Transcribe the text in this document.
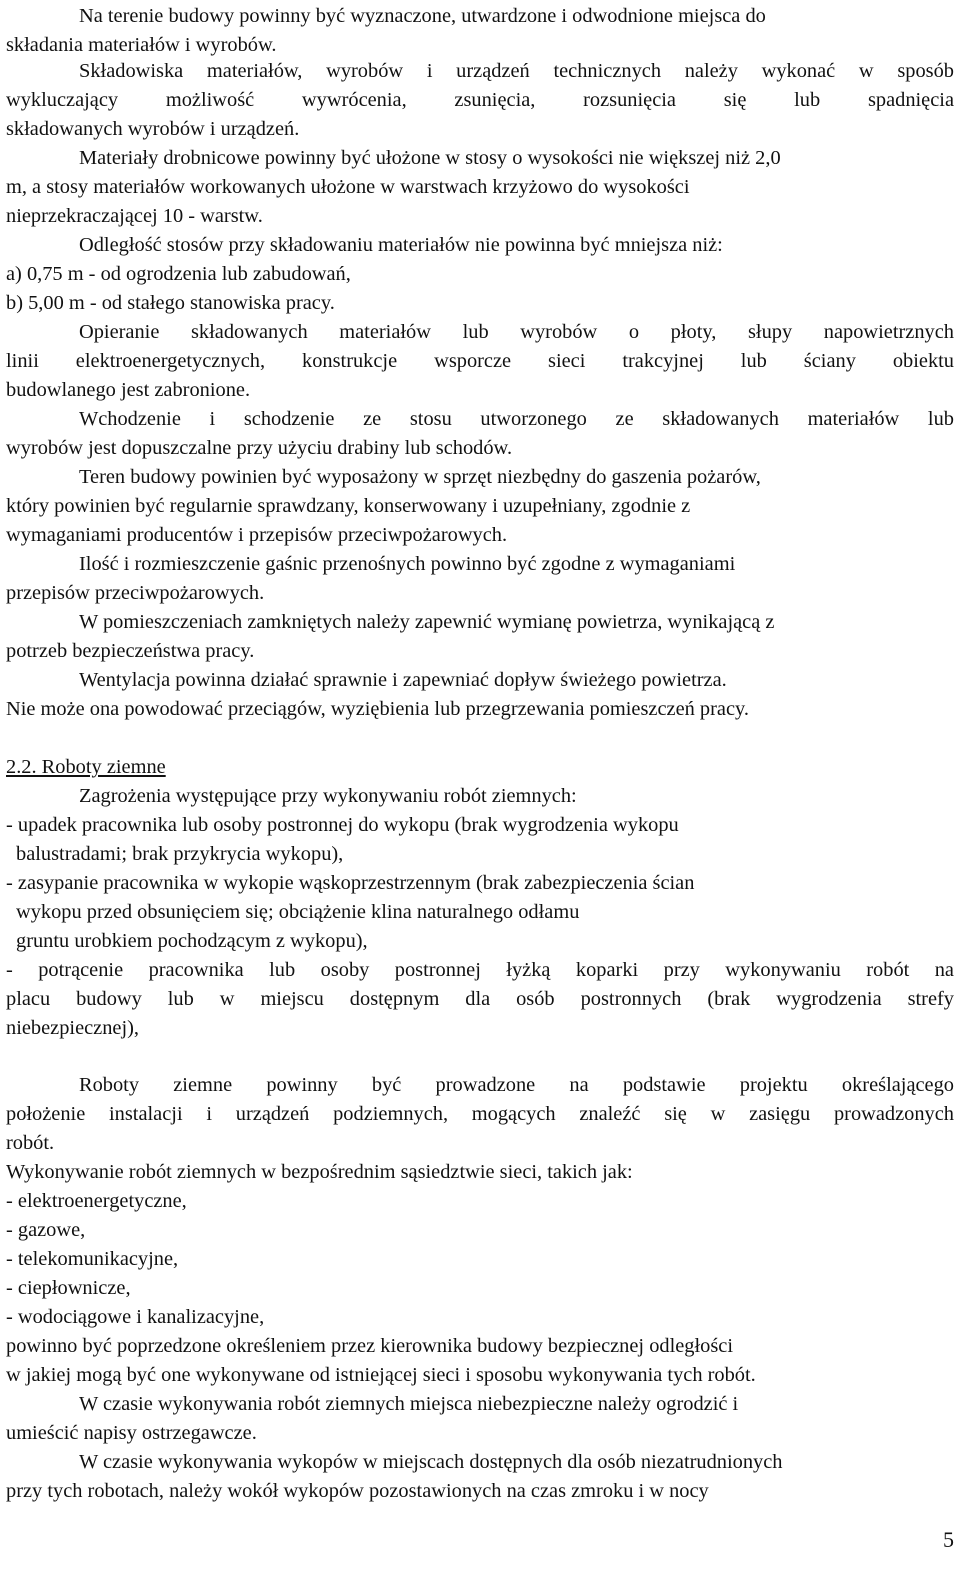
Na terenie budowy powinny być wyznaczone, utwardzone i odwodnione miejsca do
składania materiałów i wyrobów.
Składowiska materiałów, wyrobów i urządzeń technicznych należy wykonać w sposób
wykluczający możliwość wywrócenia, zsunięcia, rozsunięcia się lub spadnięcia
składowanych wyrobów i urządzeń.
Materiały drobnicowe powinny być ułożone w stosy o wysokości nie większej niż 2,0
m, a stosy materiałów workowanych ułożone w warstwach krzyżowo do wysokości
nieprzekraczającej 10 - warstw.
Odległość stosów przy składowaniu materiałów nie powinna być mniejsza niż:
a) 0,75 m - od ogrodzenia lub zabudowań,
b) 5,00 m - od stałego stanowiska pracy.
Opieranie składowanych materiałów lub wyrobów o płoty, słupy napowietrznych
linii elektroenergetycznych, konstrukcje wsporcze sieci trakcyjnej lub ściany obiektu
budowlanego jest zabronione.
Wchodzenie i schodzenie ze stosu utworzonego ze składowanych materiałów lub
wyrobów jest dopuszczalne przy użyciu drabiny lub schodów.
Teren budowy powinien być wyposażony w sprzęt niezbędny do gaszenia pożarów,
który powinien być regularnie sprawdzany, konserwowany i uzupełniany, zgodnie z
wymaganiami producentów i przepisów przeciwpożarowych.
Ilość i rozmieszczenie gaśnic przenośnych powinno być zgodne z wymaganiami
przepisów przeciwpożarowych.
W pomieszczeniach zamkniętych należy zapewnić wymianę powietrza, wynikającą z
potrzeb bezpieczeństwa pracy.
Wentylacja powinna działać sprawnie i zapewniać dopływ świeżego powietrza.
Nie może ona powodować przeciągów, wyziębienia lub przegrzewania pomieszczeń pracy.
2.2. Roboty ziemne
Zagrożenia występujące przy wykonywaniu robót ziemnych:
- upadek pracownika lub osoby postronnej do wykopu (brak wygrodzenia wykopu
balustradami; brak przykrycia wykopu),
- zasypanie pracownika w wykopie wąskoprzestrzennym (brak zabezpieczenia ścian
wykopu przed obsunięciem się; obciążenie klina naturalnego odłamu
gruntu urobkiem pochodzącym z wykopu),
- potrącenie pracownika lub osoby postronnej łyżką koparki przy wykonywaniu robót na
placu budowy lub w miejscu dostępnym dla osób postronnych (brak wygrodzenia strefy
niebezpiecznej),
Roboty ziemne powinny być prowadzone na podstawie projektu określającego
położenie instalacji i urządzeń podziemnych, mogących znaleźć się w zasięgu prowadzonych
robót.
Wykonywanie robót ziemnych w bezpośrednim sąsiedztwie sieci, takich jak:
- elektroenergetyczne,
- gazowe,
- telekomunikacyjne,
- ciepłownicze,
- wodociągowe i kanalizacyjne,
powinno być poprzedzone określeniem przez kierownika budowy bezpiecznej odległości
w jakiej mogą być one wykonywane od istniejącej sieci i sposobu wykonywania tych robót.
W czasie wykonywania robót ziemnych miejsca niebezpieczne należy ogrodzić i
umieścić napisy ostrzegawcze.
W czasie wykonywania wykopów w miejscach dostępnych dla osób niezatrudnionych
przy tych robotach, należy wokół wykopów pozostawionych na czas zmroku i w nocy
5
